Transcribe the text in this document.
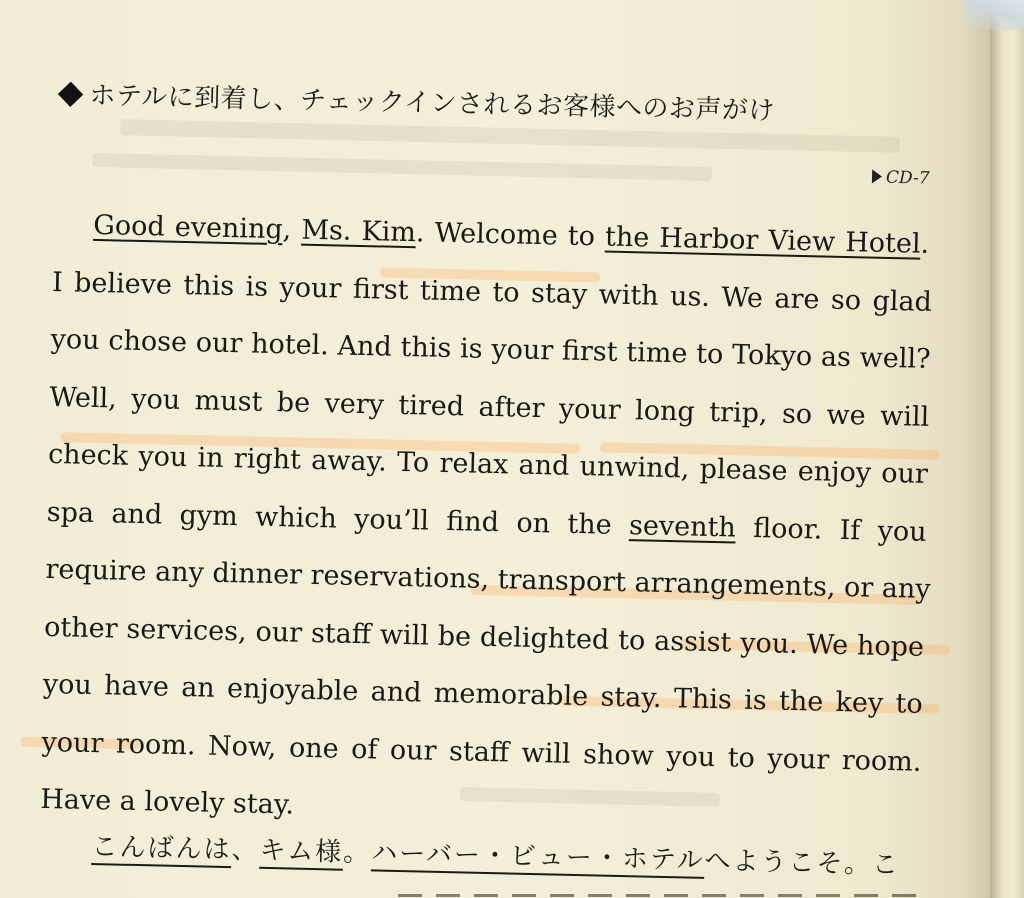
ホテルに到着し、チェックインされるお客様へのお声がけ
CD-7
Good evening, Ms. Kim. Welcome to the Harbor View Hotel.
I believe this is your first time to stay with us. We are so glad
you chose our hotel. And this is your first time to Tokyo as well?
Well, you must be very tired after your long trip, so we will
check you in right away. To relax and unwind, please enjoy our
spa and gym which you’ll find on the seventh floor. If you
require any dinner reservations, transport arrangements, or any
other services, our staff will be delighted to assist you. We hope
you have an enjoyable and memorable stay. This is the key to
your room. Now, one of our staff will show you to your room.
Have a lovely stay.
こんばんは、キム様。ハーバー・ビュー・ホテルへようこそ。こ
